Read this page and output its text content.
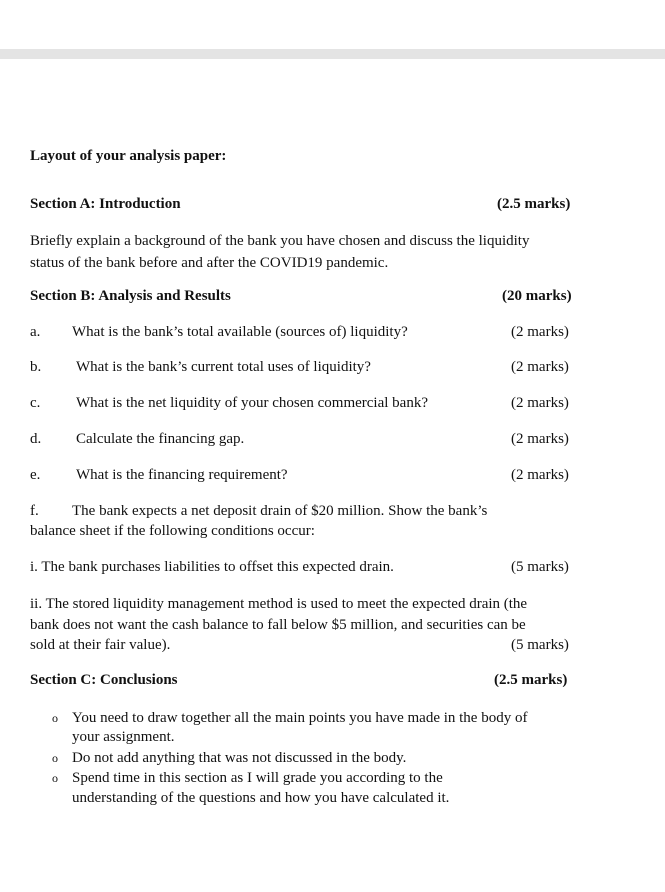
Layout of your analysis paper:
Section A: Introduction	(2.5 marks)
Briefly explain a background of the bank you have chosen and discuss the liquidity
status of the bank before and after the COVID19 pandemic.
Section B: Analysis and Results	(20 marks)
a. What is the bank’s total available (sources of) liquidity?	(2 marks)
b. What is the bank’s current total uses of liquidity?	(2 marks)
c. What is the net liquidity of your chosen commercial bank?	(2 marks)
d. Calculate the financing gap.	(2 marks)
e. What is the financing requirement?	(2 marks)
f. The bank expects a net deposit drain of $20 million. Show the bank’s
balance sheet if the following conditions occur:
i. The bank purchases liabilities to offset this expected drain.	(5 marks)
ii. The stored liquidity management method is used to meet the expected drain (the
bank does not want the cash balance to fall below $5 million, and securities can be
sold at their fair value).	(5 marks)
Section C: Conclusions	(2.5 marks)
o You need to draw together all the main points you have made in the body of
your assignment.
o Do not add anything that was not discussed in the body.
o Spend time in this section as I will grade you according to the
understanding of the questions and how you have calculated it.
